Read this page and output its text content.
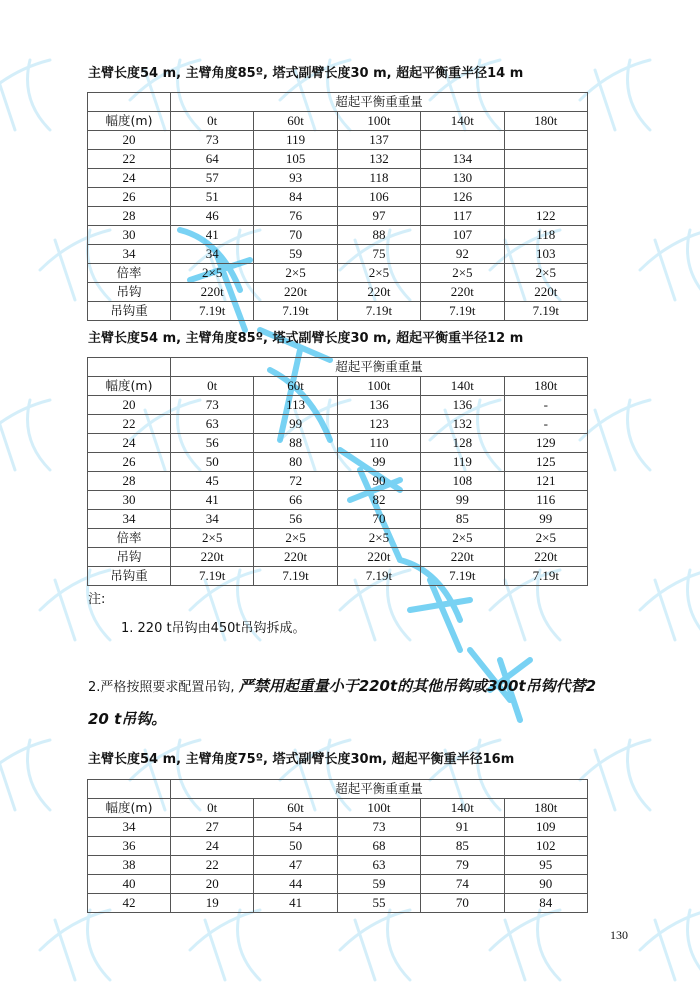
主臂长度54 m, 主臂角度85º, 塔式副臂长度30 m, 超起平衡重半径14 m
	超起平衡重重量				
幅度(m)	0t	60t	100t	140t	180t
20	73	119	137		
22	64	105	132	134	
24	57	93	118	130	
26	51	84	106	126	
28	46	76	97	117	122
30	41	70	88	107	118
34	34	59	75	92	103
倍率	2×5	2×5	2×5	2×5	2×5
吊钩	220t	220t	220t	220t	220t
吊钩重	7.19t	7.19t	7.19t	7.19t	7.19t
主臂长度54 m, 主臂角度85º, 塔式副臂长度30 m, 超起平衡重半径12 m
	超起平衡重重量				
幅度(m)	0t	60t	100t	140t	180t
20	73	113	136	136	-
22	63	99	123	132	-
24	56	88	110	128	129
26	50	80	99	119	125
28	45	72	90	108	121
30	41	66	82	99	116
34	34	56	70	85	99
倍率	2×5	2×5	2×5	2×5	2×5
吊钩	220t	220t	220t	220t	220t
吊钩重	7.19t	7.19t	7.19t	7.19t	7.19t
注:
1. 220 t吊钩由450t吊钩拆成。
2.严格按照要求配置吊钩, 严禁用起重量小于220t的其他吊钩或300t吊钩代替2
20 t吊钩。
主臂长度54 m, 主臂角度75º, 塔式副臂长度30m, 超起平衡重半径16m
	超起平衡重重量				
幅度(m)	0t	60t	100t	140t	180t
34	27	54	73	91	109
36	24	50	68	85	102
38	22	47	63	79	95
40	20	44	59	74	90
42	19	41	55	70	84
130
